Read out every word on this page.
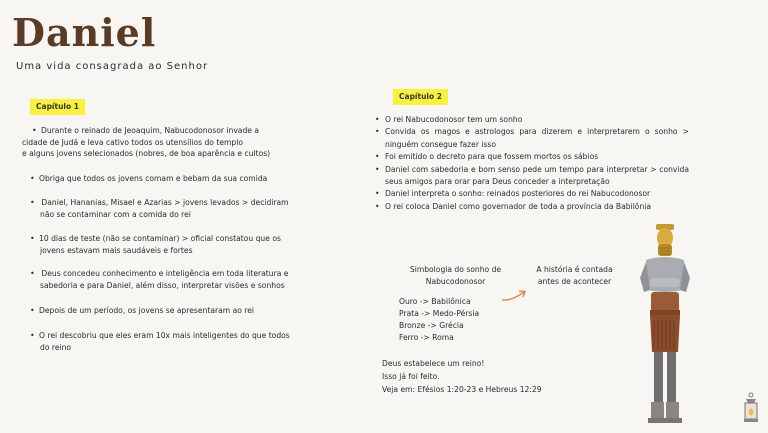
Daniel
Uma vida consagrada ao Senhor
Capítulo 1
• Durante o reinado de Jeoaquim, Nabucodonosor invade a
cidade de Judá e leva cativo todos os utensílios do templo
e alguns jovens selecionados (nobres, de boa aparência e cultos)
• Obriga que todos os jovens comam e bebam da sua comida
• Daniel, Hananias, Misael e Azarias > jovens levados > decidiram
não se contaminar com a comida do rei
• 10 dias de teste (não se contaminar) > oficial constatou que os
jovens estavam mais saudáveis e fortes
• Deus concedeu conhecimento e inteligência em toda literatura e
sabedoria e para Daniel, além disso, interpretar visões e sonhos
• Depois de um período, os jovens se apresentaram ao rei
• O rei descobriu que eles eram 10x mais inteligentes do que todos
do reino
Capítulo 2
• O rei Nabucodonosor tem um sonho
• Convida os magos e astrologos para dizerem e interpretarem o sonho > ninguém consegue fazer isso
• Foi emitido o decreto para que fossem mortos os sábios
• Daniel com sabedoria e bom senso pede um tempo para interpretar > convida seus amigos para orar para Deus conceder a interpretação
• Daniel interpreta o sonho: reinados posteriores do rei Nabucodonosor
• O rei coloca Daniel como governador de toda a província da Babilônia
Simbologia do sonho de
Nabucodonosor
Ouro -> Babilônica
Prata -> Medo-Pérsia
Bronze -> Grécia
Ferro -> Roma
A história é contada
antes de acontecer
Deus estabelece um reino!
Isso já foi feito.
Veja em: Efésios 1:20-23 e Hebreus 12:29
